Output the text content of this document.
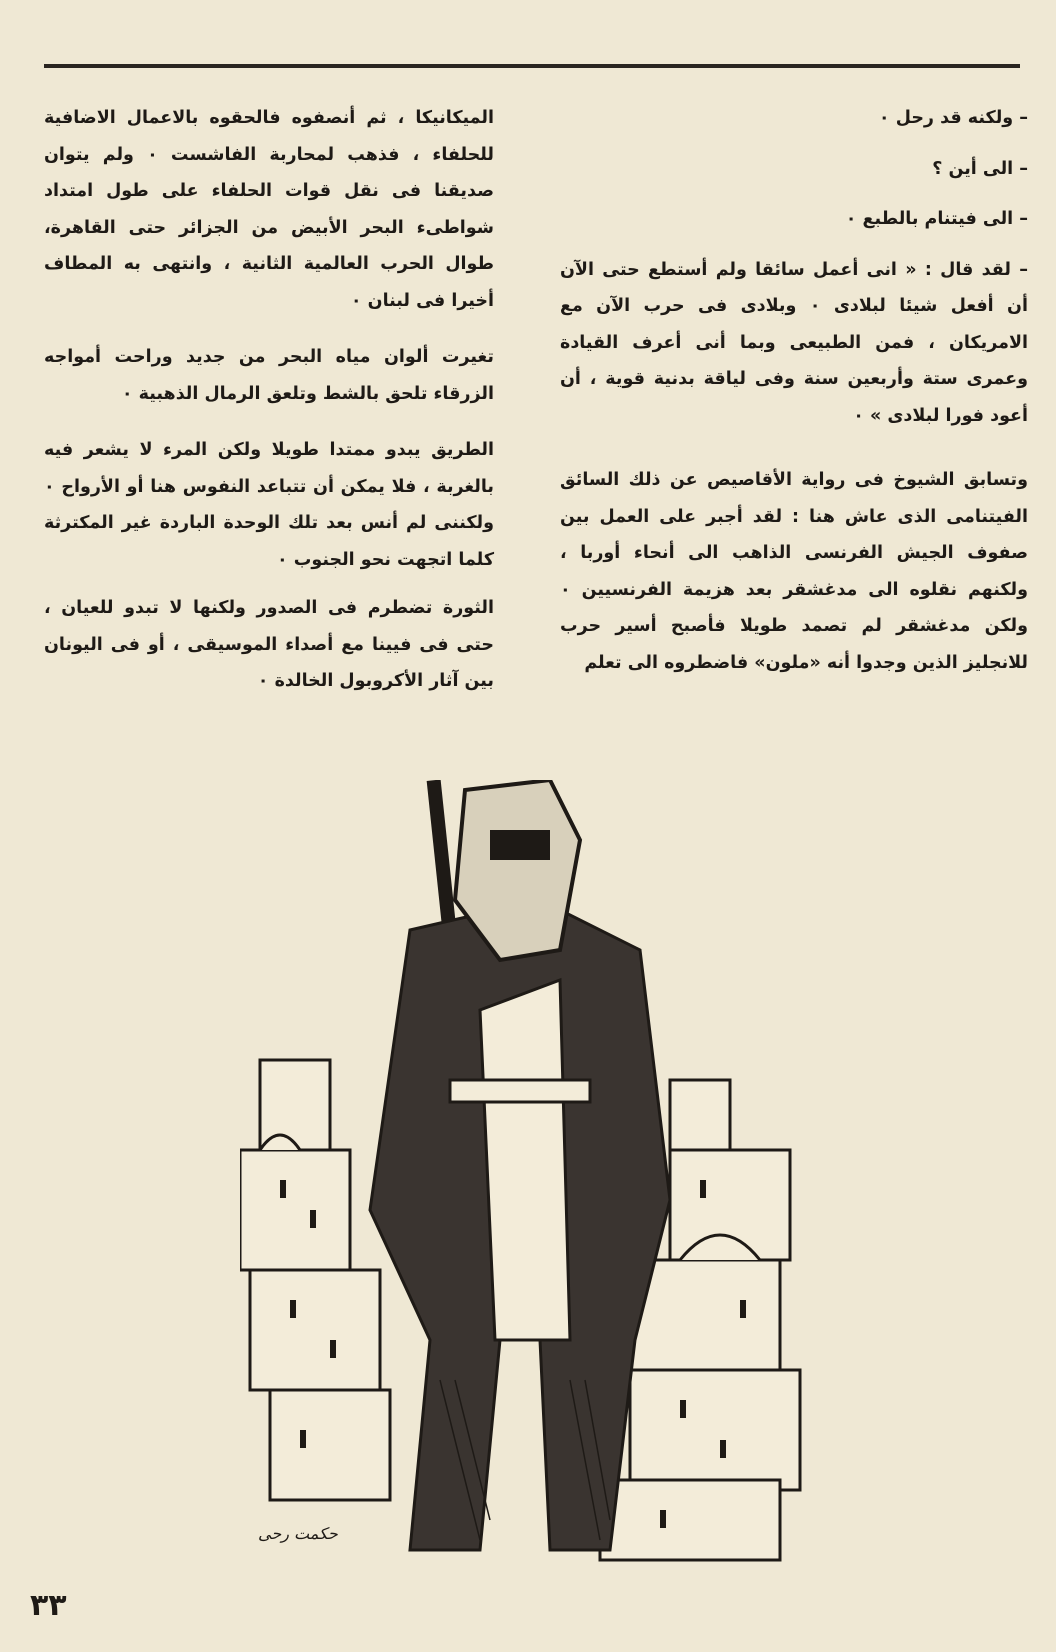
– ولكنه قد رحل ٠

– الى أين ؟

– الى فيتنام بالطبع ٠

– لقد قال : « انى أعمل سائقا ولم أستطع حتى الآن أن أفعل شيئا لبلادى ٠ وبلادى فى حرب الآن مع الامريكان ، فمن الطبيعى وبما أنى أعرف القيادة وعمرى ستة وأربعين سنة وفى لياقة بدنية قوية ، أن أعود فورا لبلادى » ٠

وتسابق الشيوخ فى رواية الأقاصيص عن ذلك السائق الفيتنامى الذى عاش هنا : لقد أجبر على العمل بين صفوف الجيش الفرنسى الذاهب الى أنحاء أوربا ، ولكنهم نقلوه الى مدغشقر بعد هزيمة الفرنسيين ٠ ولكن مدغشقر لم تصمد طويلا فأصبح أسير حرب للانجليز الذين وجدوا أنه «ملون» فاضطروه الى تعلم

الميكانيكا ، ثم أنصفوه فالحقوه بالاعمال الاضافية للحلفاء ، فذهب لمحاربة الفاشست ٠ ولم يتوان صديقنا فى نقل قوات الحلفاء على طول امتداد شواطىء البحر الأبيض من الجزائر حتى القاهرة، طوال الحرب العالمية الثانية ، وانتهى به المطاف أخيرا فى لبنان ٠

تغيرت ألوان مياه البحر من جديد وراحت أمواجه الزرقاء تلحق بالشط وتلعق الرمال الذهبية ٠

الطريق يبدو ممتدا طويلا ولكن المرء لا يشعر فيه بالغربة ، فلا يمكن أن تتباعد النفوس هنا أو الأرواح ٠ ولكننى لم أنس بعد تلك الوحدة الباردة غير المكترثة كلما اتجهت نحو الجنوب ٠

الثورة تضطرم فى الصدور ولكنها لا تبدو للعيان ، حتى فى فيينا مع أصداء الموسيقى ، أو فى اليونان بين آثار الأكروبول الخالدة ٠

حكمت رحى
٣٣
